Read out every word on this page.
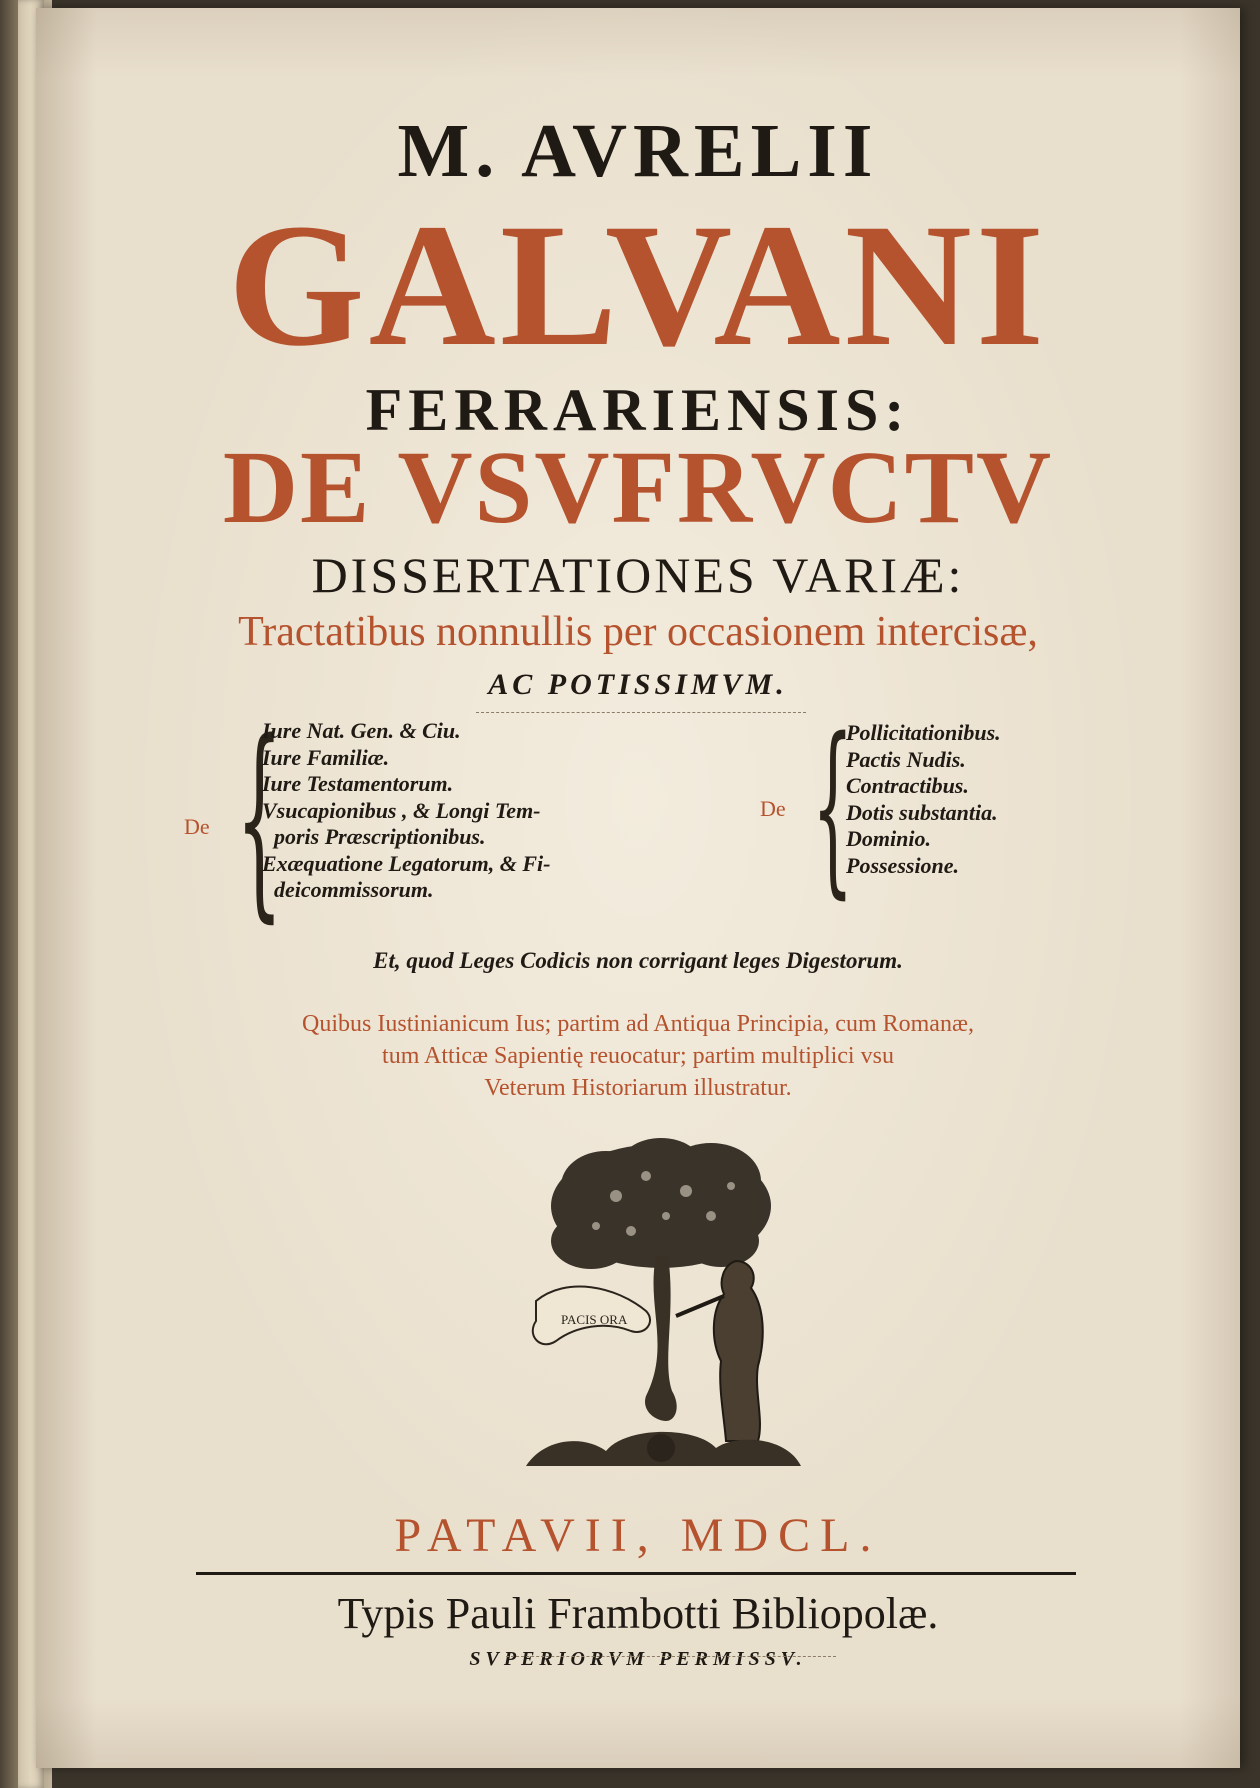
M. AVRELII
GALVANI
FERRARIENSIS:
DE VSVFRVCTV
DISSERTATIONES VARIÆ:
Tractatibus nonnullis per occasionem intercisæ,
AC POTISSIMVM.
De {
Iure Nat. Gen. & Ciu.
Iure Familiæ.
Iure Testamentorum.
Vsucapionibus , & Longi Tem-
poris Præscriptionibus.
Exæquatione Legatorum, & Fi-
deicommissorum.
De {
Pollicitationibus.
Pactis Nudis.
Contractibus.
Dotis substantia.
Dominio.
Possessione.
Et, quod Leges Codicis non corrigant leges Digestorum.
Quibus Iustinianicum Ius; partim ad Antiqua Principia, cum Romanæ,
tum Atticæ Sapientię reuocatur; partim multiplici vsu
Veterum Historiarum illustratur.
PACIS ORA
PATAVII, MDCL.
Typis Pauli Frambotti Bibliopolæ.
SVPERIORVM PERMISSV.
